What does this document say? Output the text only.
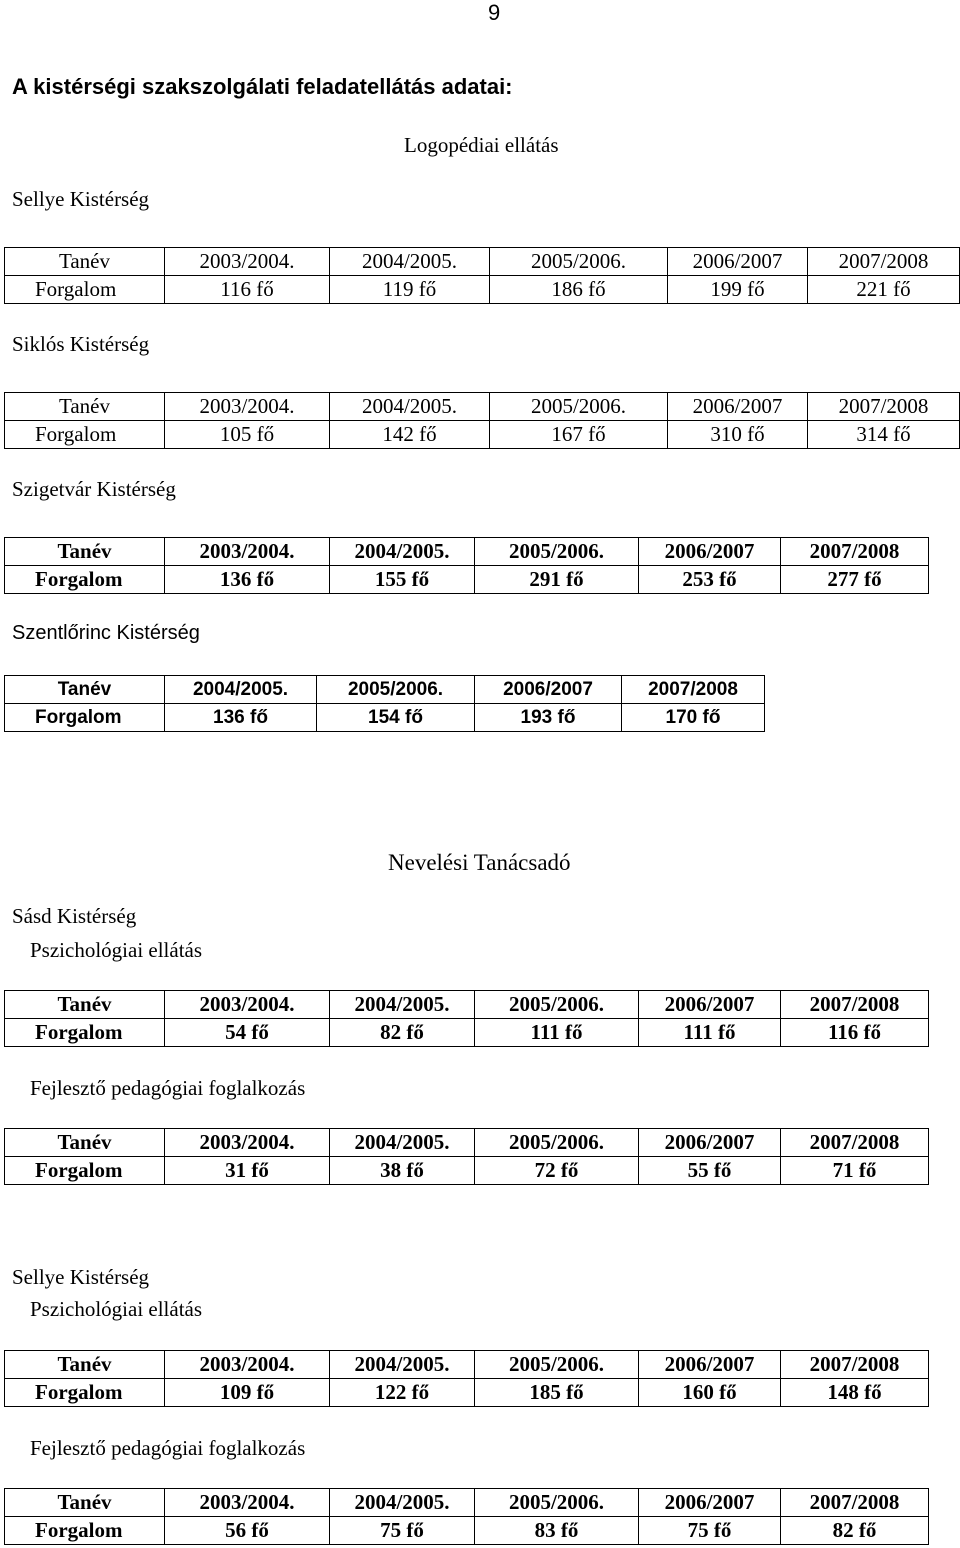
9
A kistérségi szakszolgálati feladatellátás adatai:
Logopédiai ellátás
Sellye Kistérség
Tanév	2003/2004.	2004/2005.	2005/2006.	2006/2007	2007/2008
Forgalom	116 fő	119 fő	186 fő	199 fő	221 fő
Siklós Kistérség
Tanév	2003/2004.	2004/2005.	2005/2006.	2006/2007	2007/2008
Forgalom	105 fő	142 fő	167 fő	310 fő	314 fő
Szigetvár Kistérség
Tanév	2003/2004.	2004/2005.	2005/2006.	2006/2007	2007/2008
Forgalom	136 fő	155 fő	291 fő	253 fő	277 fő
Szentlőrinc Kistérség
Tanév	2004/2005.	2005/2006.	2006/2007	2007/2008
Forgalom	136 fő	154 fő	193 fő	170 fő
Nevelési Tanácsadó
Sásd Kistérség
Pszichológiai ellátás
Tanév	2003/2004.	2004/2005.	2005/2006.	2006/2007	2007/2008
Forgalom	54 fő	82 fő	111 fő	111 fő	116 fő
Fejlesztő pedagógiai foglalkozás
Tanév	2003/2004.	2004/2005.	2005/2006.	2006/2007	2007/2008
Forgalom	31 fő	38 fő	72 fő	55 fő	71 fő
Sellye Kistérség
Pszichológiai ellátás
Tanév	2003/2004.	2004/2005.	2005/2006.	2006/2007	2007/2008
Forgalom	109 fő	122 fő	185 fő	160 fő	148 fő
Fejlesztő pedagógiai foglalkozás
Tanév	2003/2004.	2004/2005.	2005/2006.	2006/2007	2007/2008
Forgalom	56 fő	75 fő	83 fő	75 fő	82 fő
